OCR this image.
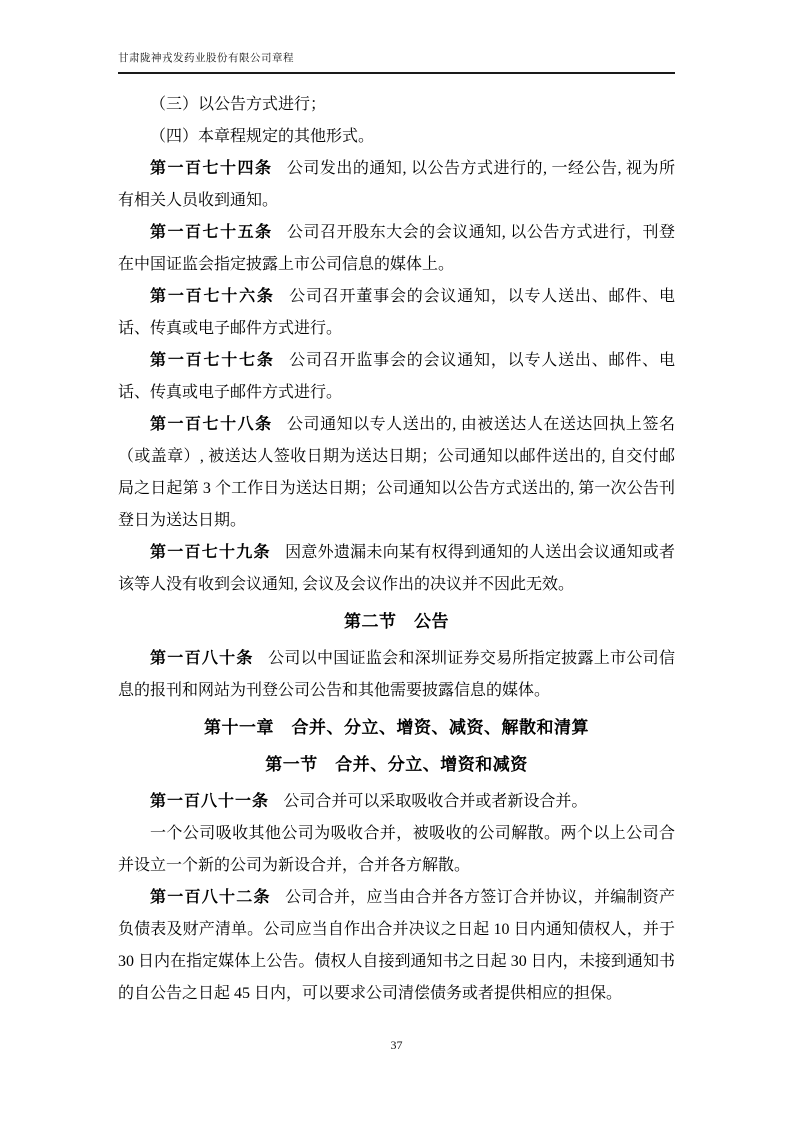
甘肃陇神戎发药业股份有限公司章程

（三）以公告方式进行；

（四）本章程规定的其他形式。

第一百七十四条 公司发出的通知, 以公告方式进行的, 一经公告, 视为所有相关人员收到通知。

第一百七十五条 公司召开股东大会的会议通知, 以公告方式进行，刊登在中国证监会指定披露上市公司信息的媒体上。

第一百七十六条 公司召开董事会的会议通知，以专人送出、邮件、电话、传真或电子邮件方式进行。

第一百七十七条 公司召开监事会的会议通知，以专人送出、邮件、电话、传真或电子邮件方式进行。

第一百七十八条 公司通知以专人送出的, 由被送达人在送达回执上签名（或盖章）, 被送达人签收日期为送达日期；公司通知以邮件送出的, 自交付邮局之日起第 3 个工作日为送达日期；公司通知以公告方式送出的, 第一次公告刊登日为送达日期。

第一百七十九条 因意外遗漏未向某有权得到通知的人送出会议通知或者该等人没有收到会议通知, 会议及会议作出的决议并不因此无效。

第二节　公告

第一百八十条 公司以中国证监会和深圳证券交易所指定披露上市公司信息的报刊和网站为刊登公司公告和其他需要披露信息的媒体。

第十一章　合并、分立、增资、减资、解散和清算
第一节　合并、分立、增资和减资

第一百八十一条 公司合并可以采取吸收合并或者新设合并。

一个公司吸收其他公司为吸收合并，被吸收的公司解散。两个以上公司合并设立一个新的公司为新设合并，合并各方解散。

第一百八十二条 公司合并，应当由合并各方签订合并协议，并编制资产负债表及财产清单。公司应当自作出合并决议之日起 10 日内通知债权人，并于 30 日内在指定媒体上公告。债权人自接到通知书之日起 30 日内，未接到通知书的自公告之日起 45 日内，可以要求公司清偿债务或者提供相应的担保。

37
